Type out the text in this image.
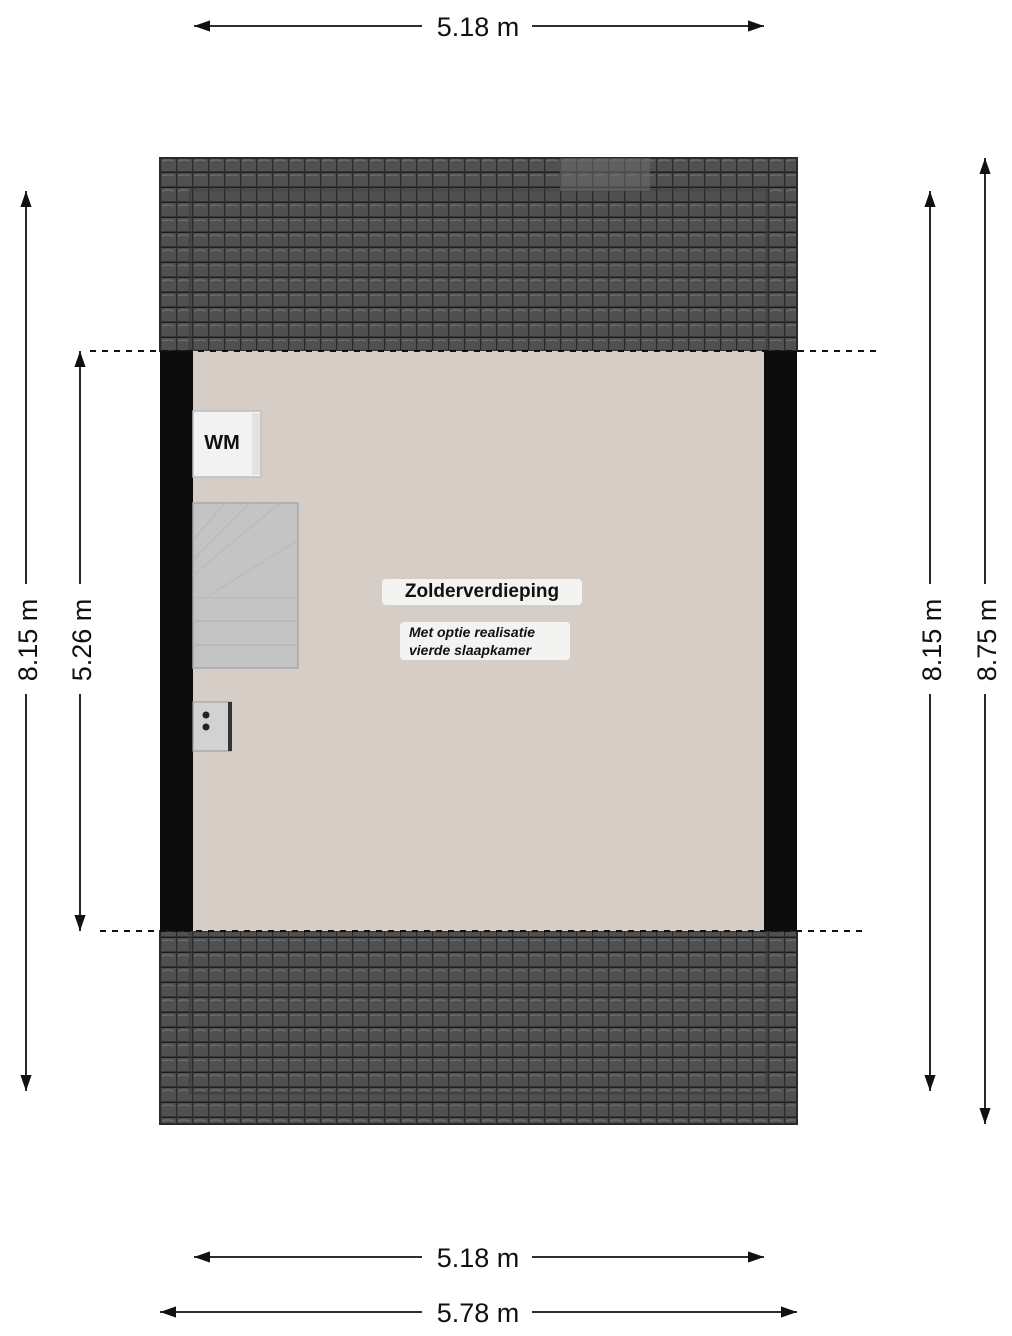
5.18 m
5.18 m
5.78 m
8.15 m 5.26 m	8.15 m 8.75 m
WM
Zolderverdieping
Met optie realisatie
vierde slaapkamer
